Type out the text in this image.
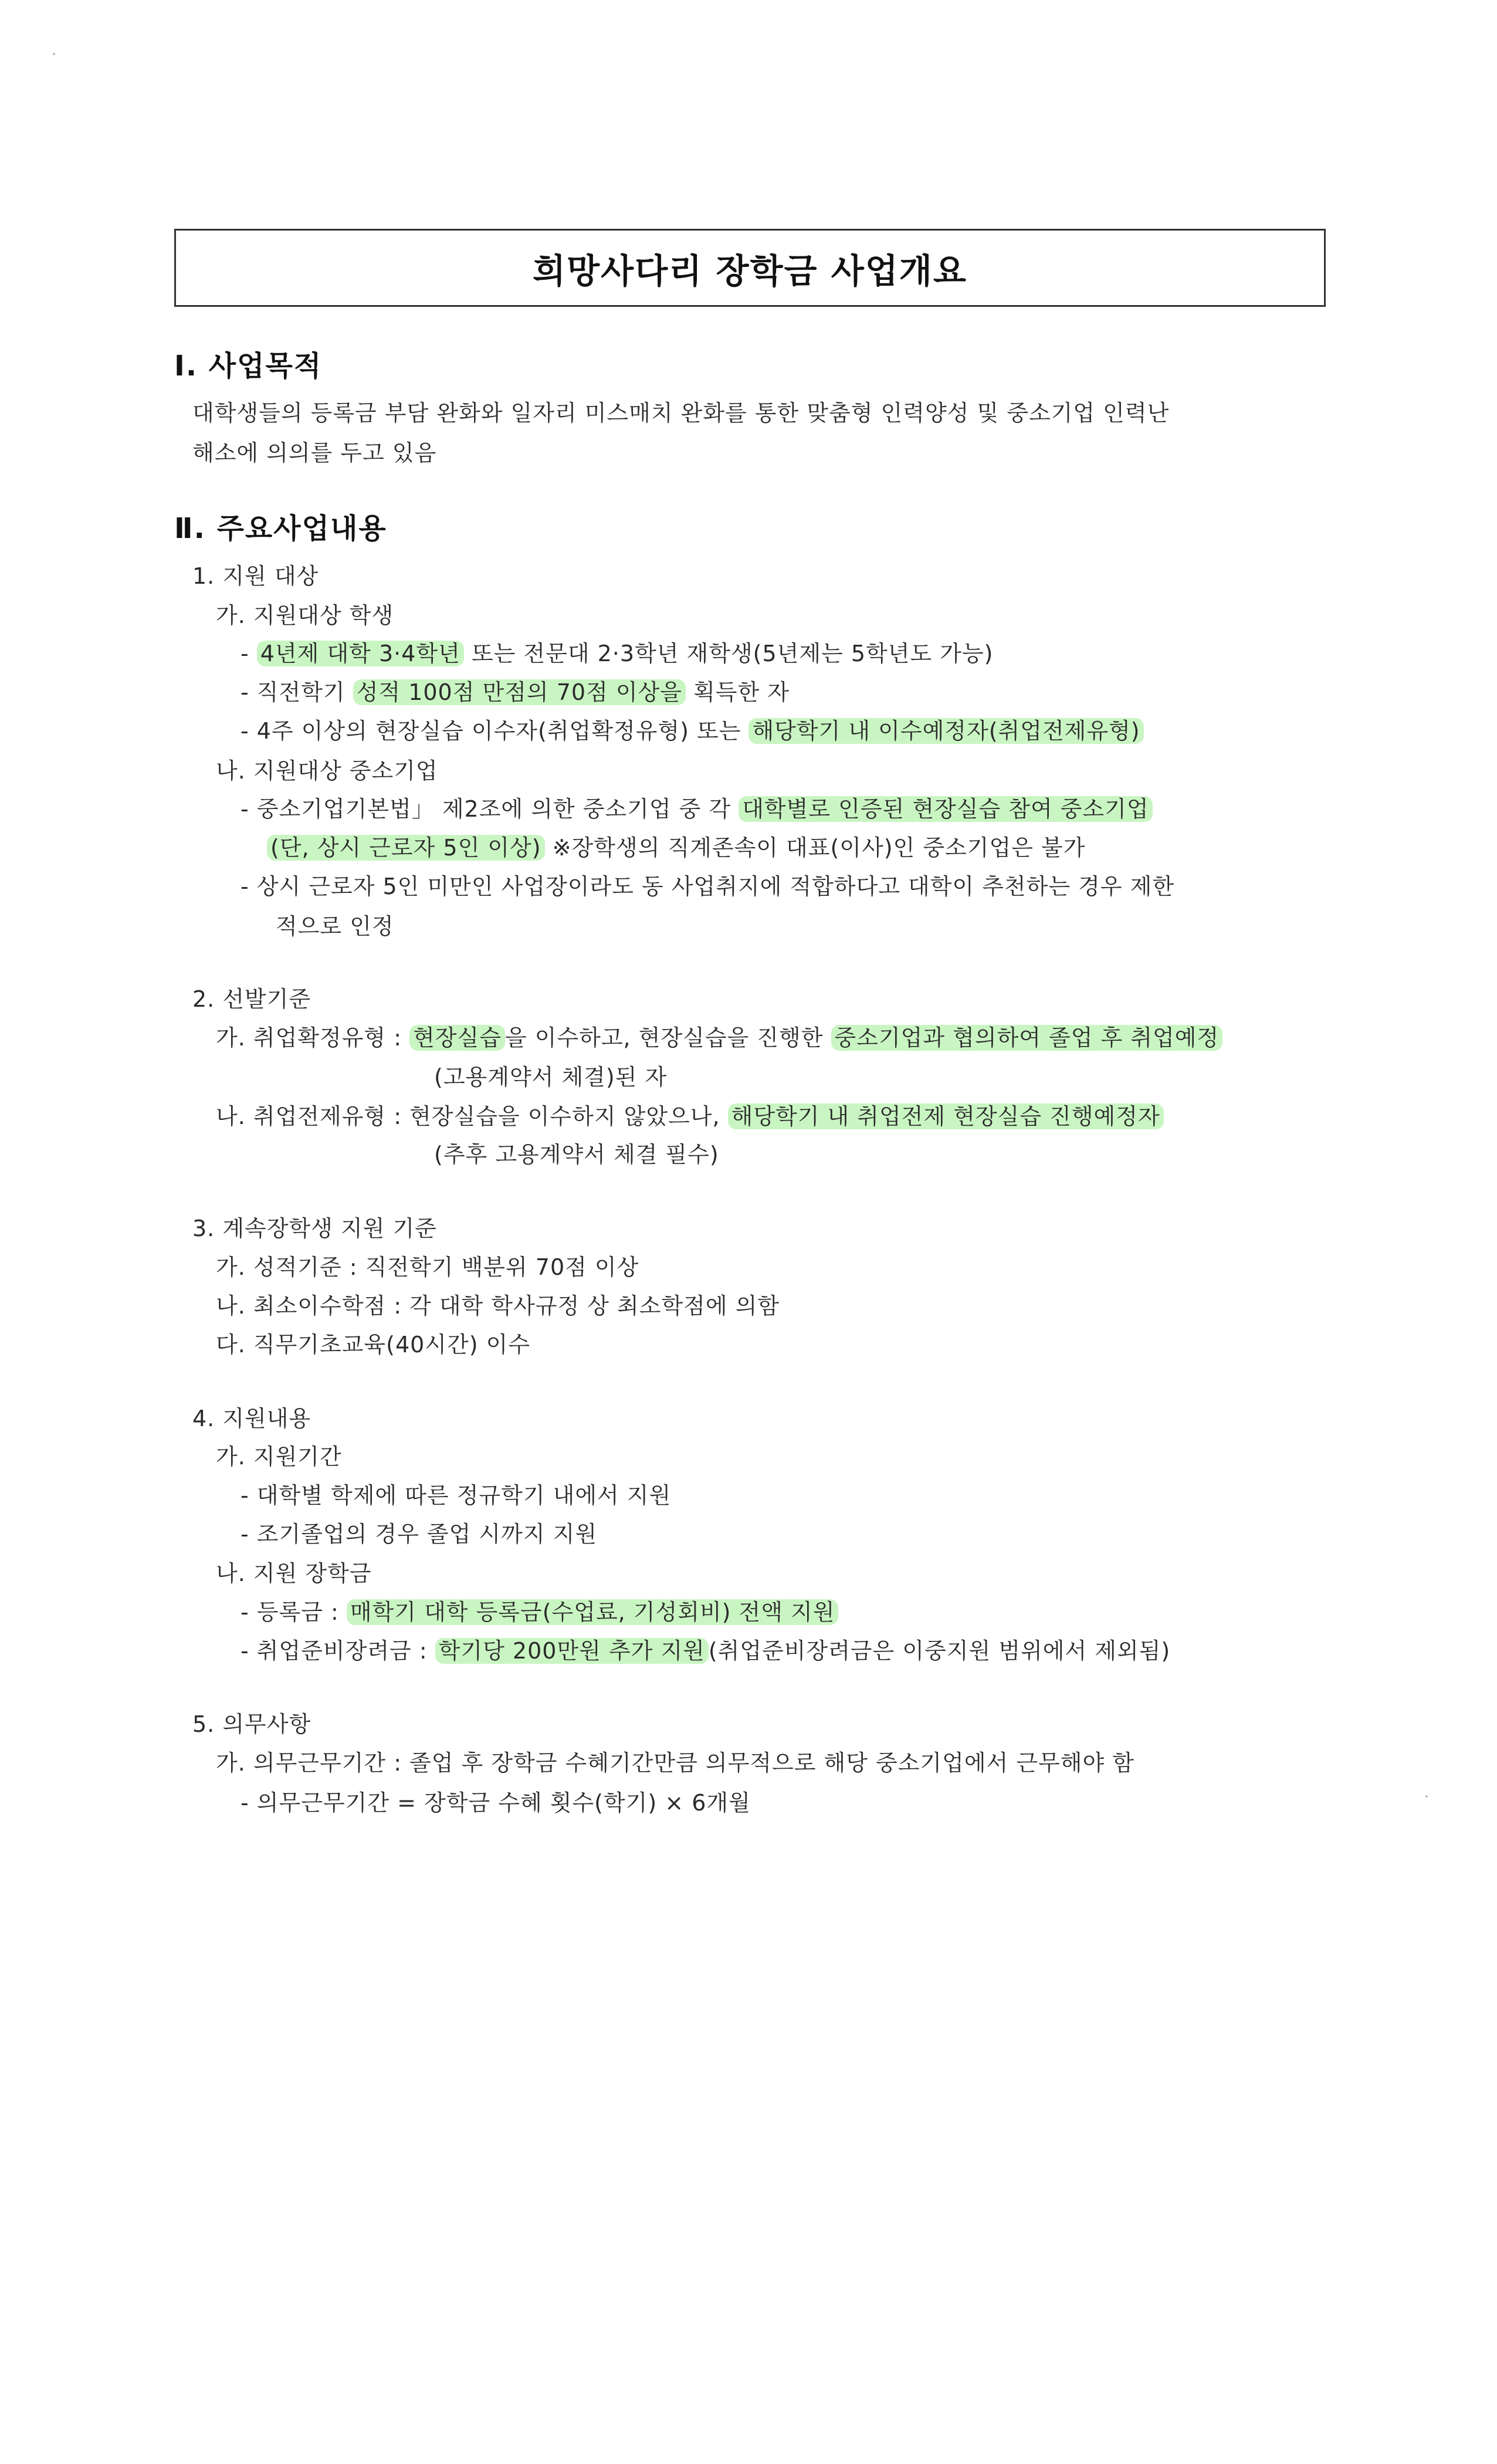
희망사다리 장학금 사업개요
Ⅰ. 사업목적
대학생들의 등록금 부담 완화와 일자리 미스매치 완화를 통한 맞춤형 인력양성 및 중소기업 인력난
해소에 의의를 두고 있음
Ⅱ. 주요사업내용
1. 지원 대상
가. 지원대상 학생
- 4년제 대학 3·4학년 또는 전문대 2·3학년 재학생(5년제는 5학년도 가능)
- 직전학기 성적 100점 만점의 70점 이상을 획득한 자
- 4주 이상의 현장실습 이수자(취업확정유형) 또는 해당학기 내 이수예정자(취업전제유형)
나. 지원대상 중소기업
- 중소기업기본법」 제2조에 의한 중소기업 중 각 대학별로 인증된 현장실습 참여 중소기업
(단, 상시 근로자 5인 이상) ※장학생의 직계존속이 대표(이사)인 중소기업은 불가
- 상시 근로자 5인 미만인 사업장이라도 동 사업취지에 적합하다고 대학이 추천하는 경우 제한
적으로 인정
2. 선발기준
가. 취업확정유형 : 현장실습 을 이수하고, 현장실습을 진행한 중소기업과 협의하여 졸업 후 취업예정
(고용계약서 체결)된 자
나. 취업전제유형 : 현장실습을 이수하지 않았으나, 해당학기 내 취업전제 현장실습 진행예정자
(추후 고용계약서 체결 필수)
3. 계속장학생 지원 기준
가. 성적기준 : 직전학기 백분위 70점 이상
나. 최소이수학점 : 각 대학 학사규정 상 최소학점에 의함
다. 직무기초교육(40시간) 이수
4. 지원내용
가. 지원기간
- 대학별 학제에 따른 정규학기 내에서 지원
- 조기졸업의 경우 졸업 시까지 지원
나. 지원 장학금
- 등록금 : 매학기 대학 등록금(수업료, 기성회비) 전액 지원
- 취업준비장려금 : 학기당 200만원 추가 지원 (취업준비장려금은 이중지원 범위에서 제외됨)
5. 의무사항
가. 의무근무기간 : 졸업 후 장학금 수혜기간만큼 의무적으로 해당 중소기업에서 근무해야 함
- 의무근무기간 = 장학금 수혜 횟수(학기) × 6개월
